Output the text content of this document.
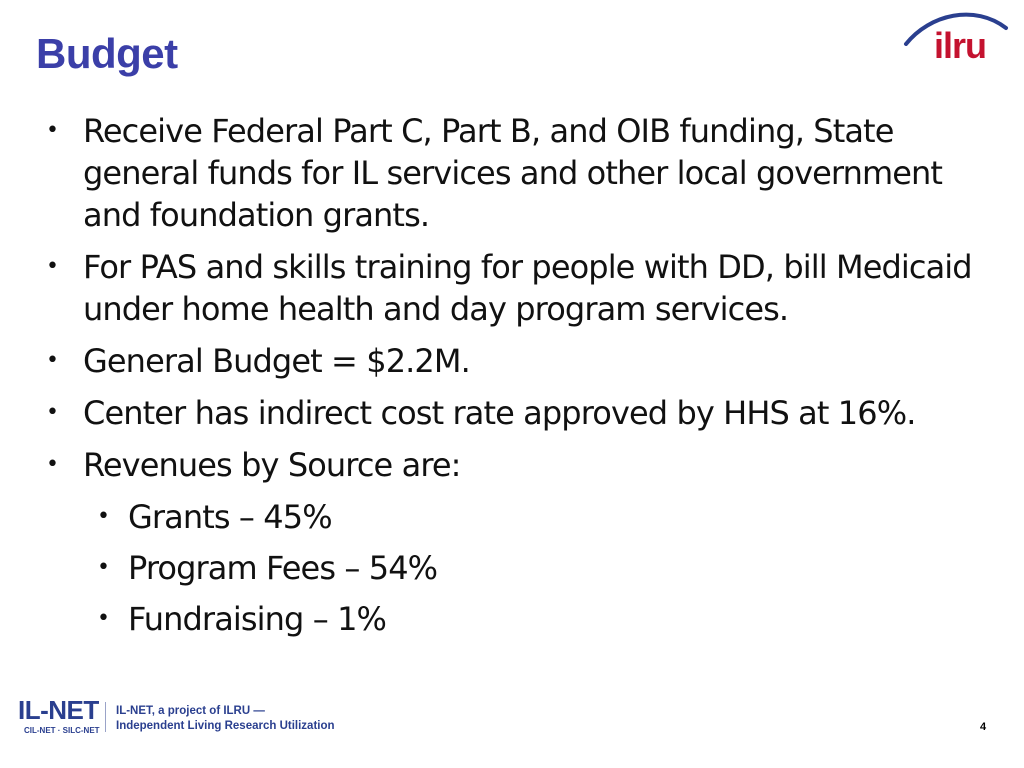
Budget	ilru
• Receive Federal Part C, Part B, and OIB funding, State general funds for IL services and other local government and foundation grants.
• For PAS and skills training for people with DD, bill Medicaid under home health and day program services.
• General Budget = $2.2M.
• Center has indirect cost rate approved by HHS at 16%.
• Revenues by Source are:
• Grants – 45%
• Program Fees – 54%
• Fundraising – 1%
IL-NET
CIL-NET · SILC-NET
IL-NET, a project of ILRU —
Independent Living Research Utilization	4
